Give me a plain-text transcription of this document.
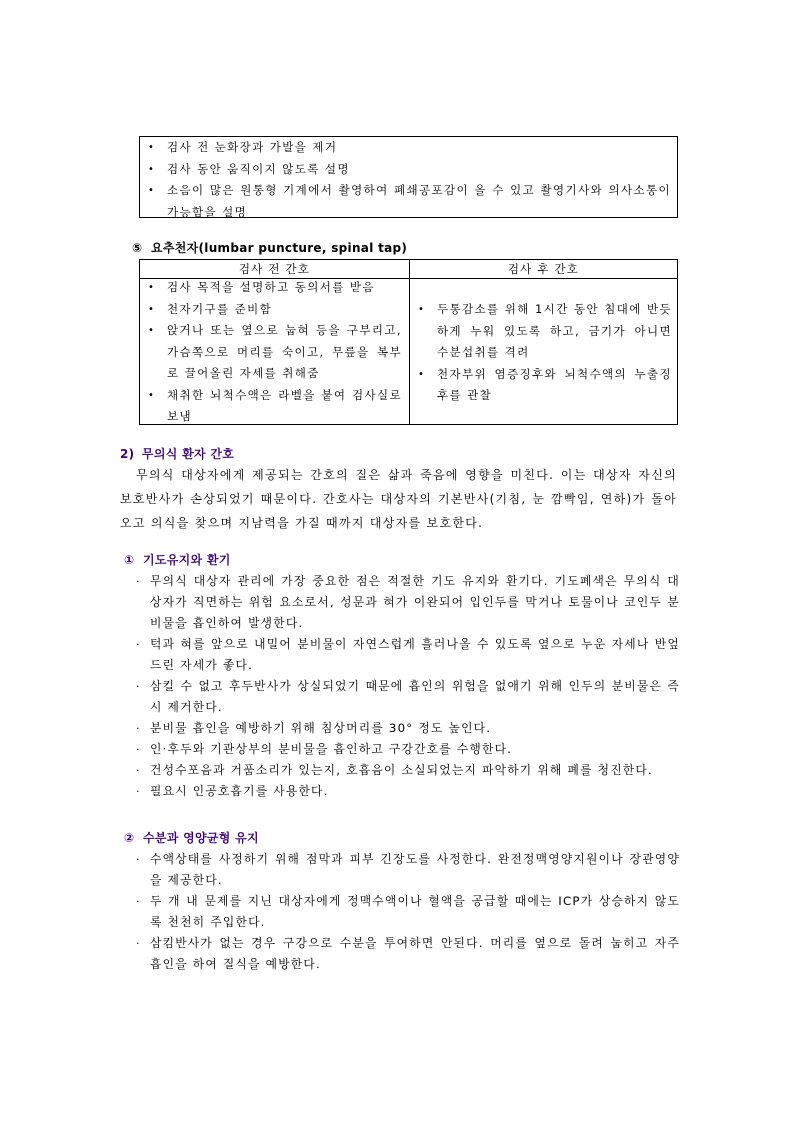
• 검사 전 눈화장과 가발을 제거
• 검사 동안 움직이지 않도록 설명
• 소음이 많은 원통형 기계에서 촬영하여 폐쇄공포감이 올 수 있고 촬영기사와 의사소통이 가능함을 설명
⑤ 요추천자(lumbar puncture, spinal tap)
검사 전 간호	검사 후 간호
• 검사 목적을 설명하고 동의서를 받음
• 천자기구를 준비함
• 앉거나 또는 옆으로 눕혀 등을 구부리고, 가슴쪽으로 머리를 숙이고, 무릎을 복부로 끌어올린 자세를 취해줌
• 채취한 뇌척수액은 라벨을 붙여 검사실로 보냄
• 두통감소를 위해 1시간 동안 침대에 반듯하게 누워 있도록 하고, 금기가 아니면 수분섭취를 격려
• 천자부위 염증징후와 뇌척수액의 누출징후를 관찰
2) 무의식 환자 간호
무의식 대상자에게 제공되는 간호의 질은 삶과 죽음에 영향을 미친다. 이는 대상자 자신의 보호반사가 손상되었기 때문이다. 간호사는 대상자의 기본반사(기침, 눈 깜빡임, 연하)가 돌아오고 의식을 찾으며 지남력을 가질 때까지 대상자를 보호한다.
① 기도유지와 환기
· 무의식 대상자 관리에 가장 중요한 점은 적절한 기도 유지와 환기다. 기도폐색은 무의식 대상자가 직면하는 위험 요소로서, 성문과 혀가 이완되어 입인두를 막거나 토물이나 코인두 분비물을 흡인하여 발생한다.
· 턱과 혀를 앞으로 내밀어 분비물이 자연스럽게 흘러나올 수 있도록 옆으로 누운 자세나 반엎드린 자세가 좋다.
· 삼킬 수 없고 후두반사가 상실되었기 때문에 흡인의 위험을 없애기 위해 인두의 분비물은 즉시 제거한다.
· 분비물 흡인을 예방하기 위해 침상머리를 30° 정도 높인다.
· 인·후두와 기관상부의 분비물을 흡인하고 구강간호를 수행한다.
· 건성수포음과 거품소리가 있는지, 호흡음이 소실되었는지 파악하기 위해 폐를 청진한다.
· 필요시 인공호흡기를 사용한다.
② 수분과 영양균형 유지
· 수액상태를 사정하기 위해 점막과 피부 긴장도를 사정한다. 완전정맥영양지원이나 장관영양을 제공한다.
· 두 개 내 문제를 지닌 대상자에게 정맥수액이나 혈액을 공급할 때에는 ICP가 상승하지 않도록 천천히 주입한다.
· 삼킴반사가 없는 경우 구강으로 수분을 투여하면 안된다. 머리를 옆으로 돌려 눕히고 자주 흡인을 하여 질식을 예방한다.
